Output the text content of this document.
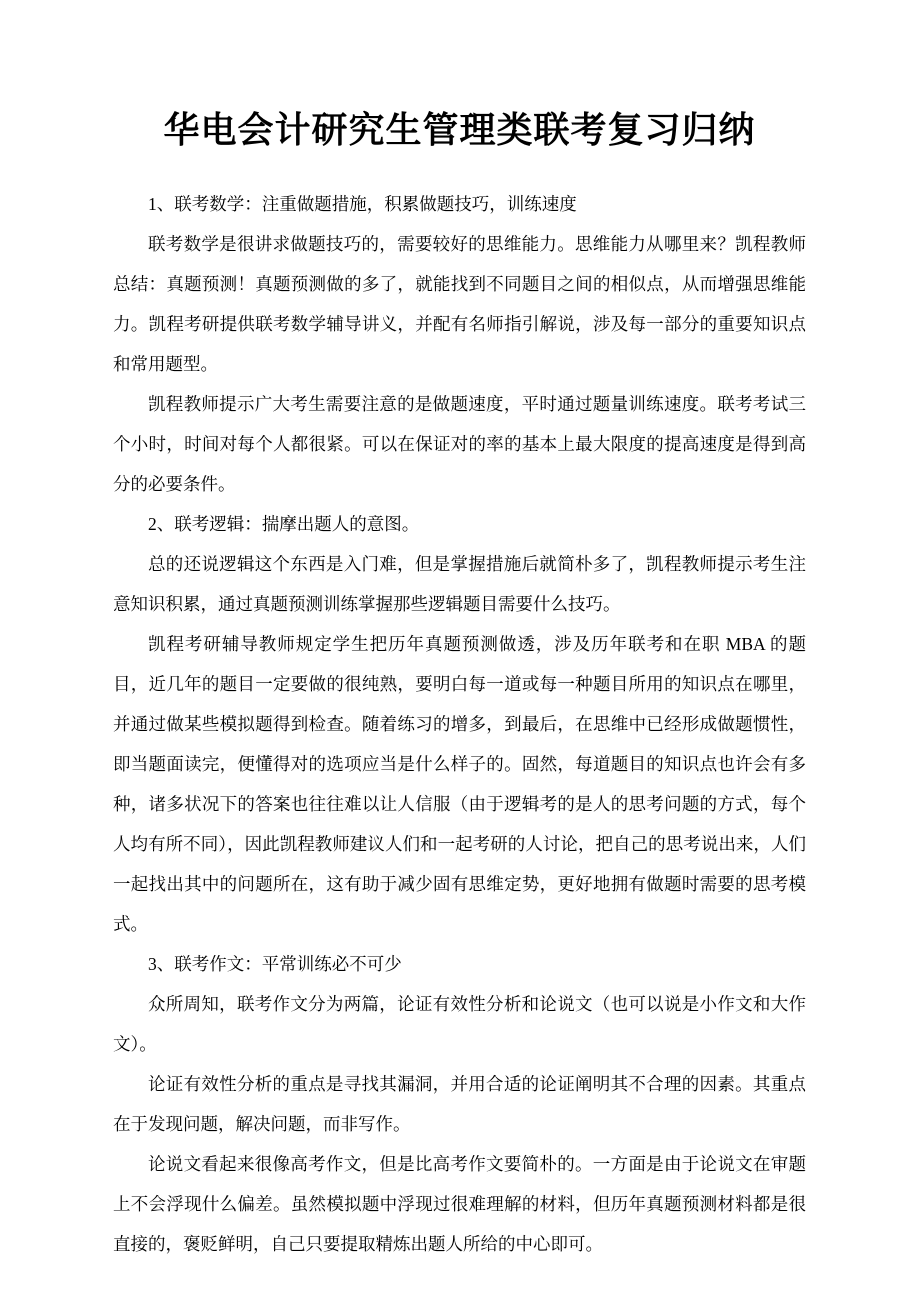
华电会计研究生管理类联考复习归纳

1、联考数学：注重做题措施，积累做题技巧，训练速度

联考数学是很讲求做题技巧的，需要较好的思维能力。思维能力从哪里来？凯程教师总结：真题预测！真题预测做的多了，就能找到不同题目之间的相似点，从而增强思维能力。凯程考研提供联考数学辅导讲义，并配有名师指引解说，涉及每一部分的重要知识点和常用题型。

凯程教师提示广大考生需要注意的是做题速度，平时通过题量训练速度。联考考试三个小时，时间对每个人都很紧。可以在保证对的率的基本上最大限度的提高速度是得到高分的必要条件。

2、联考逻辑：揣摩出题人的意图。

总的还说逻辑这个东西是入门难，但是掌握措施后就简朴多了，凯程教师提示考生注意知识积累，通过真题预测训练掌握那些逻辑题目需要什么技巧。

凯程考研辅导教师规定学生把历年真题预测做透，涉及历年联考和在职 MBA 的题目，近几年的题目一定要做的很纯熟，要明白每一道或每一种题目所用的知识点在哪里，并通过做某些模拟题得到检查。随着练习的增多，到最后，在思维中已经形成做题惯性，即当题面读完，便懂得对的选项应当是什么样子的。固然，每道题目的知识点也许会有多种，诸多状况下的答案也往往难以让人信服（由于逻辑考的是人的思考问题的方式，每个人均有所不同），因此凯程教师建议人们和一起考研的人讨论，把自己的思考说出来，人们一起找出其中的问题所在，这有助于减少固有思维定势，更好地拥有做题时需要的思考模式。

3、联考作文：平常训练必不可少

众所周知，联考作文分为两篇，论证有效性分析和论说文（也可以说是小作文和大作文）。

论证有效性分析的重点是寻找其漏洞，并用合适的论证阐明其不合理的因素。其重点在于发现问题，解决问题，而非写作。

论说文看起来很像高考作文，但是比高考作文要简朴的。一方面是由于论说文在审题上不会浮现什么偏差。虽然模拟题中浮现过很难理解的材料，但历年真题预测材料都是很直接的，褒贬鲜明，自己只要提取精炼出题人所给的中心即可。
